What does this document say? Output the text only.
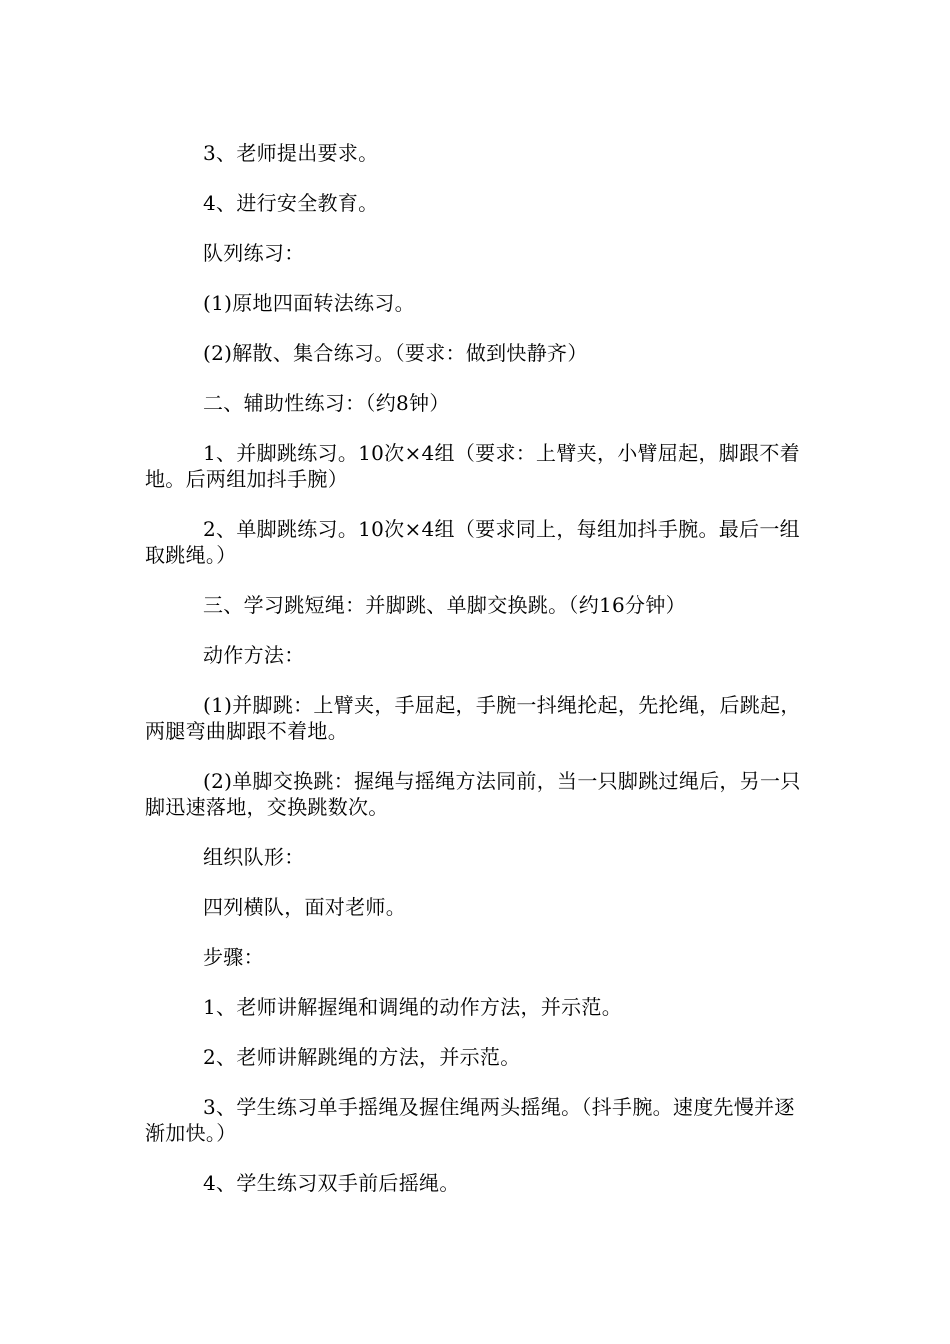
3、老师提出要求。

4、进行安全教育。

队列练习：

(1)原地四面转法练习。

(2)解散、集合练习。（要求：做到快静齐）

二、辅助性练习：（约8钟）

1、并脚跳练习。10次×4组（要求：上臂夹，小臂屈起，脚跟不着地。后两组加抖手腕）

2、单脚跳练习。10次×4组（要求同上，每组加抖手腕。最后一组取跳绳。）

三、学习跳短绳：并脚跳、单脚交换跳。（约16分钟）

动作方法：

(1)并脚跳：上臂夹，手屈起，手腕一抖绳抡起，先抡绳，后跳起，两腿弯曲脚跟不着地。

(2)单脚交换跳：握绳与摇绳方法同前，当一只脚跳过绳后，另一只脚迅速落地，交换跳数次。

组织队形：

四列横队，面对老师。

步骤：

1、老师讲解握绳和调绳的动作方法，并示范。

2、老师讲解跳绳的方法，并示范。

3、学生练习单手摇绳及握住绳两头摇绳。（抖手腕。速度先慢并逐渐加快。）

4、学生练习双手前后摇绳。
